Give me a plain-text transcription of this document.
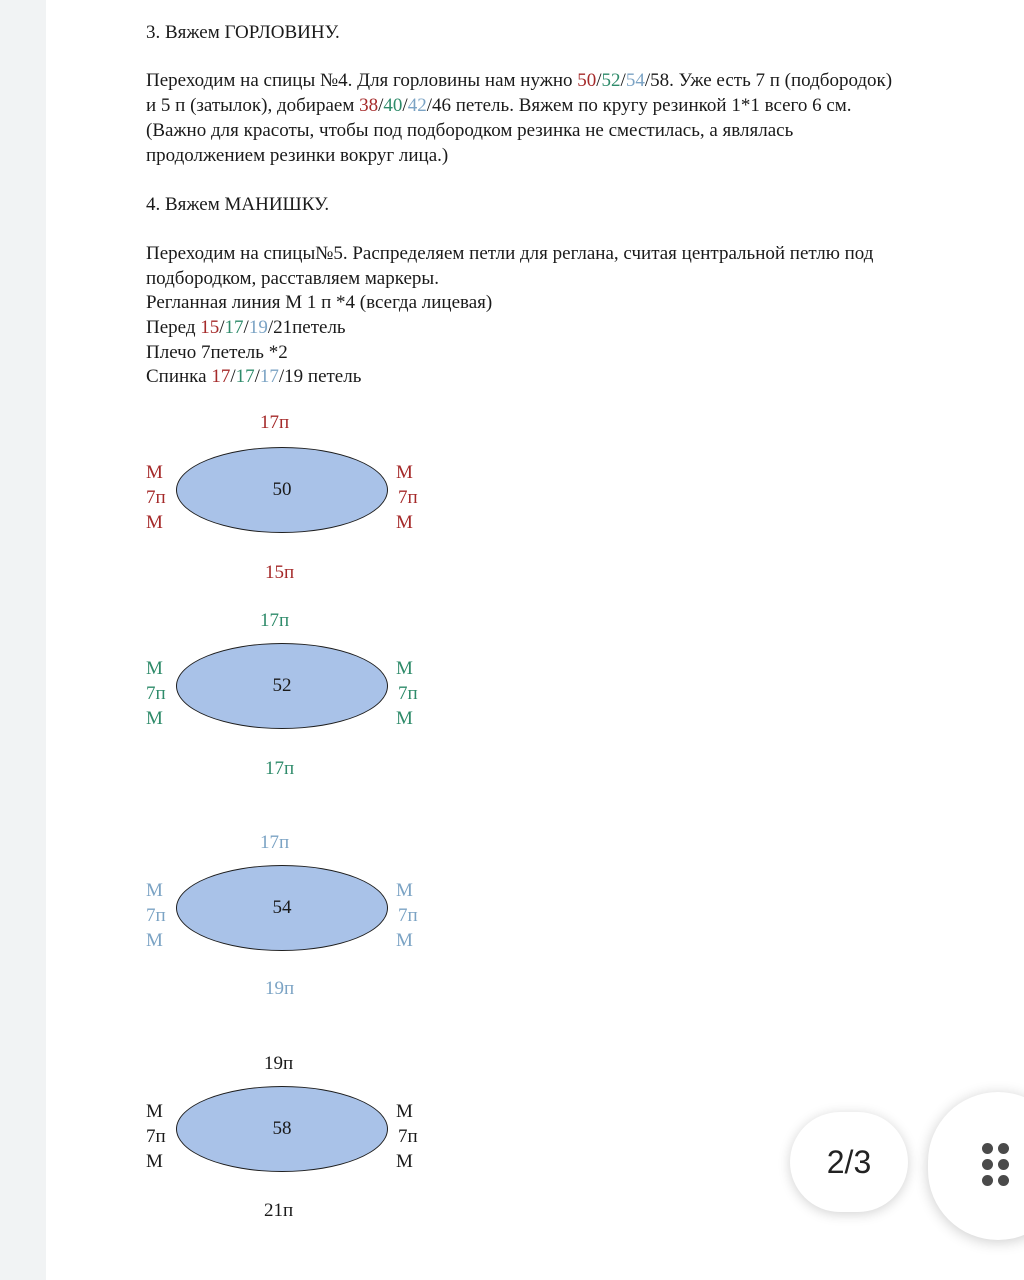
3. Вяжем ГОРЛОВИНУ.
Переходим на спицы №4. Для горловины нам нужно 50/52/54/58. Уже есть 7 п (подбородок)
и 5 п (затылок), добираем 38/40/42/46 петель. Вяжем по кругу резинкой 1*1 всего 6 см.
(Важно для красоты, чтобы под подбородком резинка не сместилась, а являлась
продолжением резинки вокруг лица.)
4. Вяжем МАНИШКУ.
Переходим на спицы№5. Распределяем петли для реглана, считая центральной петлю под
подбородком, расставляем маркеры.
Регланная линия М 1 п *4 (всегда лицевая)
Перед 15/17/19/21петель
Плечо 7петель *2
Спинка 17/17/17/19 петель
17п
М
7п
М
50
М
7п
М
15п
17п
М
7п
М
52
М
7п
М
17п
17п
М
7п
М
54
М
7п
М
19п
19п
М
7п
М
58
М
7п
М
21п
2/3
